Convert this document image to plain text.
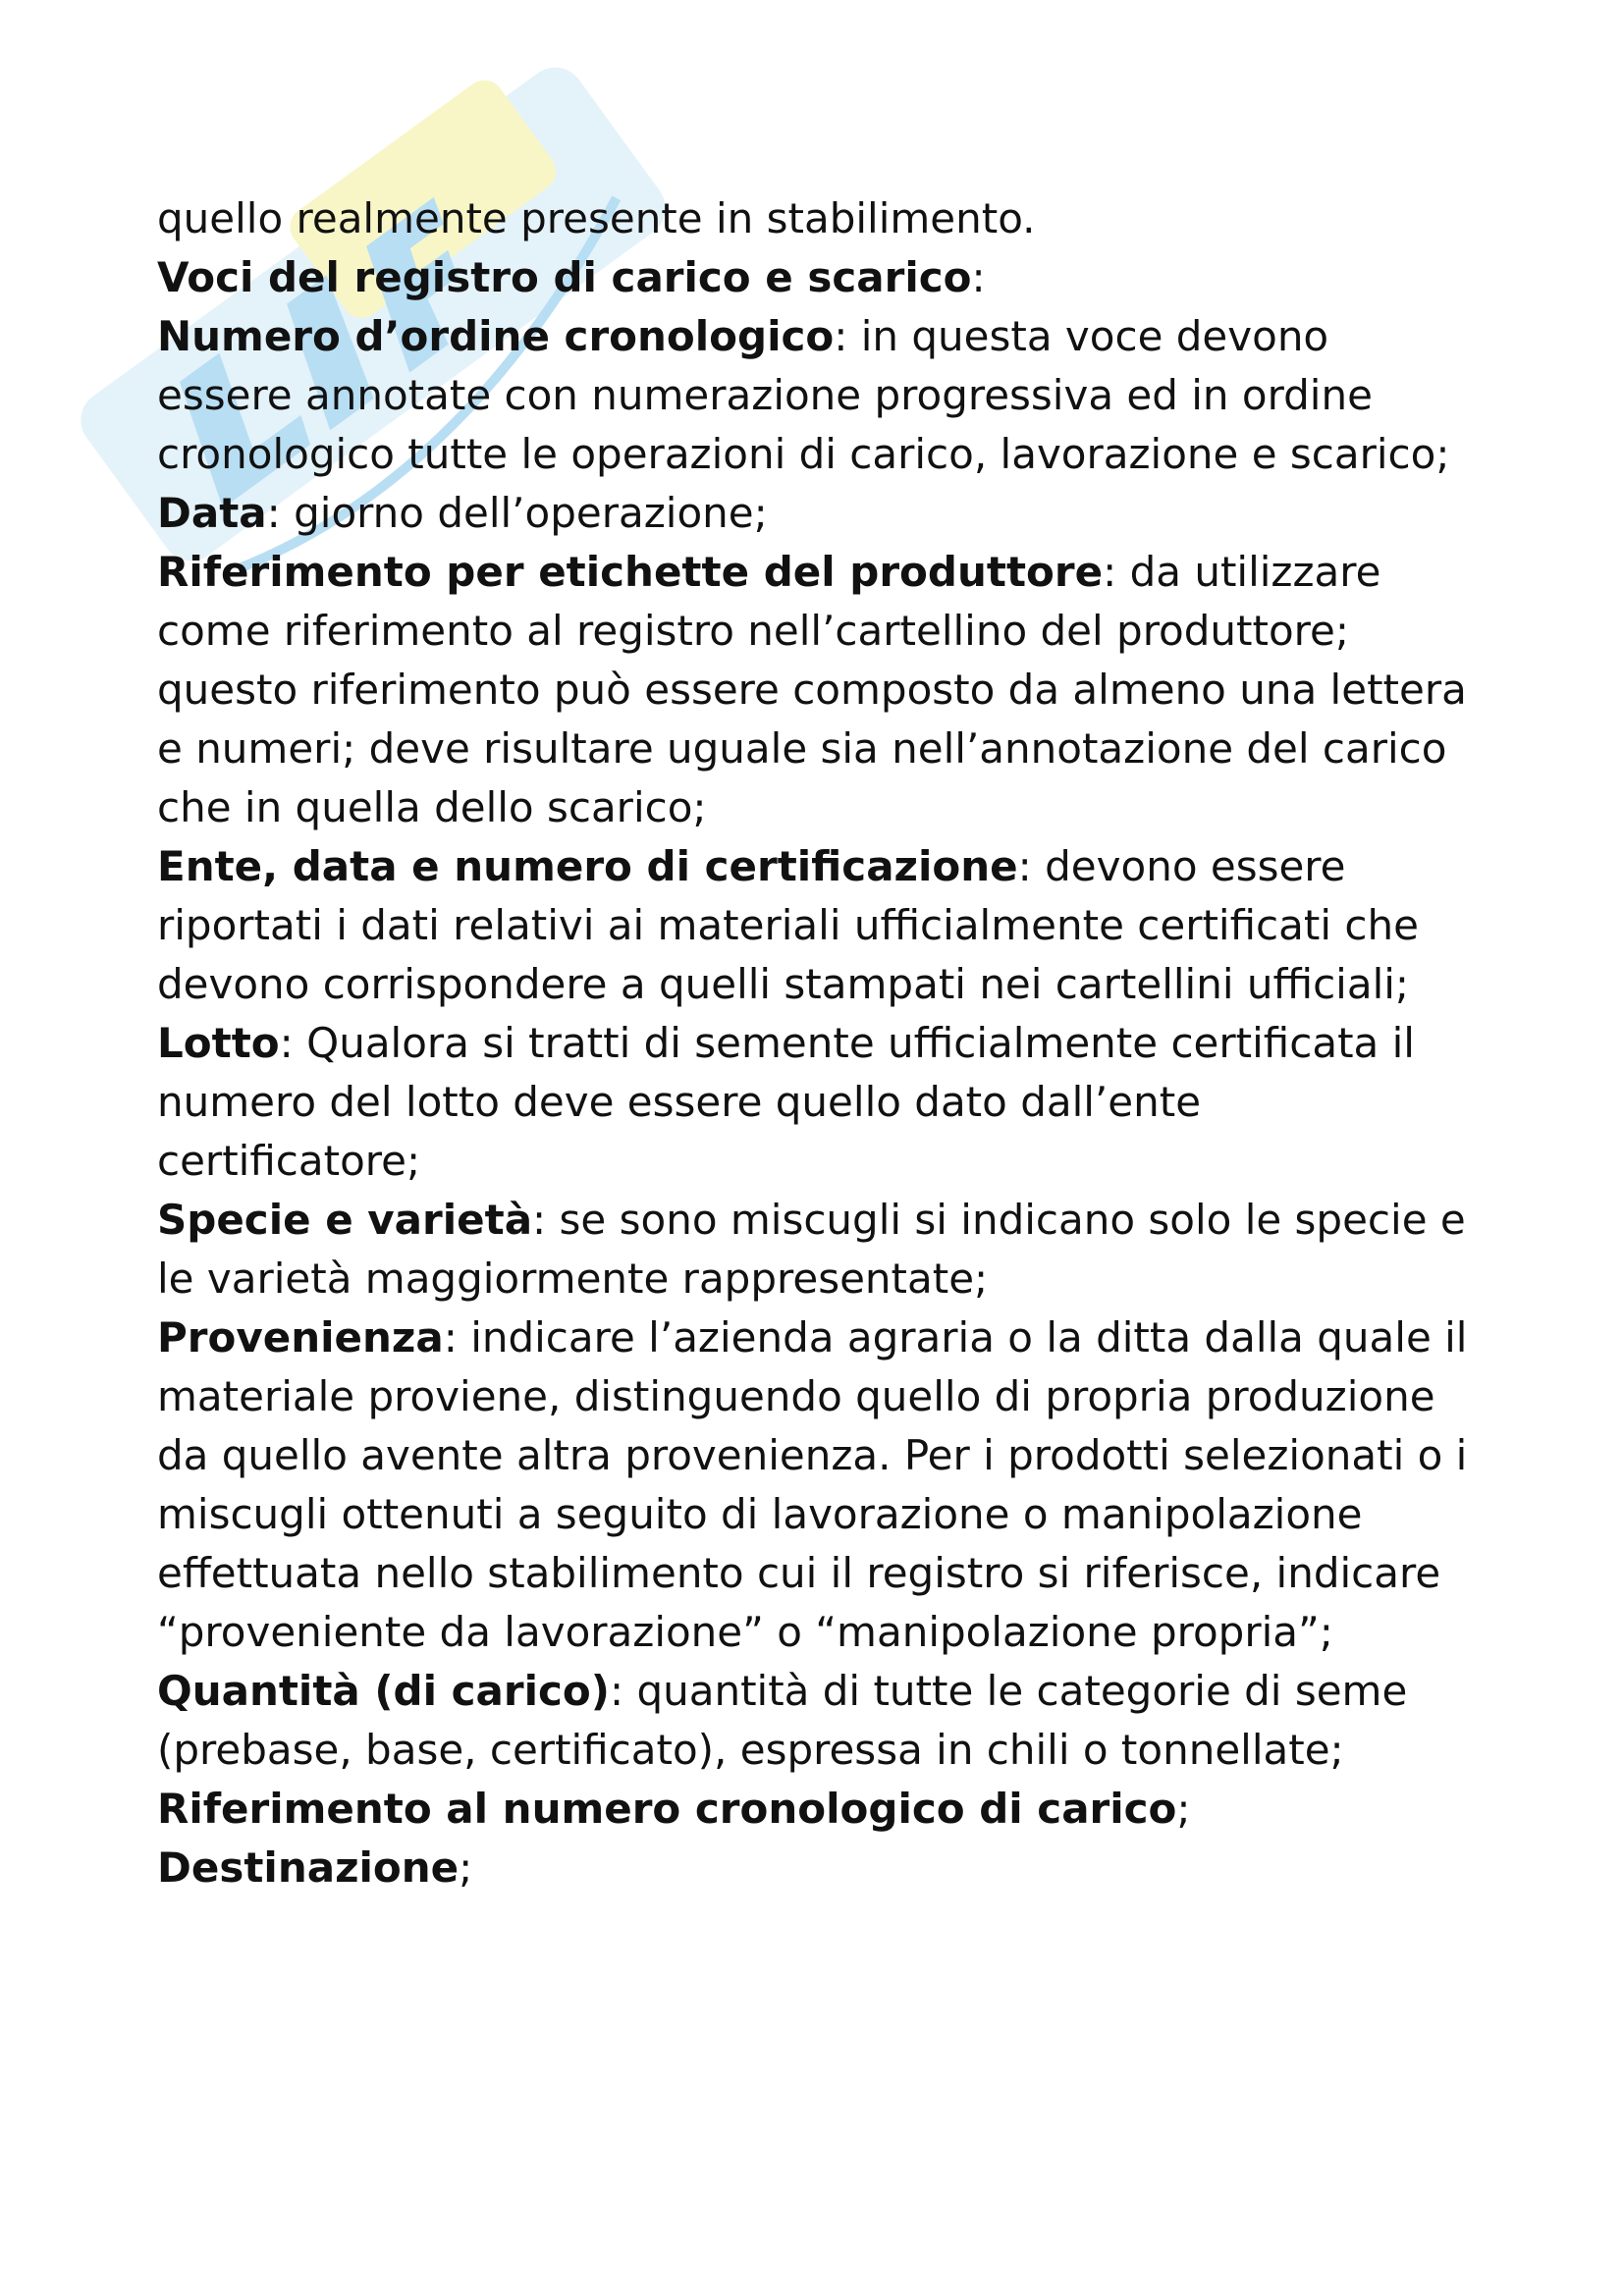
quello realmente presente in stabilimento.

Voci del registro di carico e scarico:

Numero d’ordine cronologico: in questa voce devono essere annotate con numerazione progressiva ed in ordine cronologico tutte le operazioni di carico, lavorazione e scarico;

Data: giorno dell’operazione;

Riferimento per etichette del produttore: da utilizzare come riferimento al registro nell’cartellino del produttore; questo riferimento può essere composto da almeno una lettera e numeri; deve risultare uguale sia nell’annotazione del carico che in quella dello scarico;

Ente, data e numero di certificazione: devono essere riportati i dati relativi ai materiali ufficialmente certificati che devono corrispondere a quelli stampati nei cartellini ufficiali;

Lotto: Qualora si tratti di semente ufficialmente certificata il numero del lotto deve essere quello dato dall’ente certificatore;

Specie e varietà: se sono miscugli si indicano solo le specie e le varietà maggiormente rappresentate;

Provenienza: indicare l’azienda agraria o la ditta dalla quale il materiale proviene, distinguendo quello di propria produzione da quello avente altra provenienza. Per i prodotti selezionati o i miscugli ottenuti a seguito di lavorazione o manipolazione effettuata nello stabilimento cui il registro si riferisce, indicare “proveniente da lavorazione” o “manipolazione propria”;

Quantità (di carico): quantità di tutte le categorie di seme (prebase, base, certificato), espressa in chili o tonnellate;

Riferimento al numero cronologico di carico;

Destinazione;
